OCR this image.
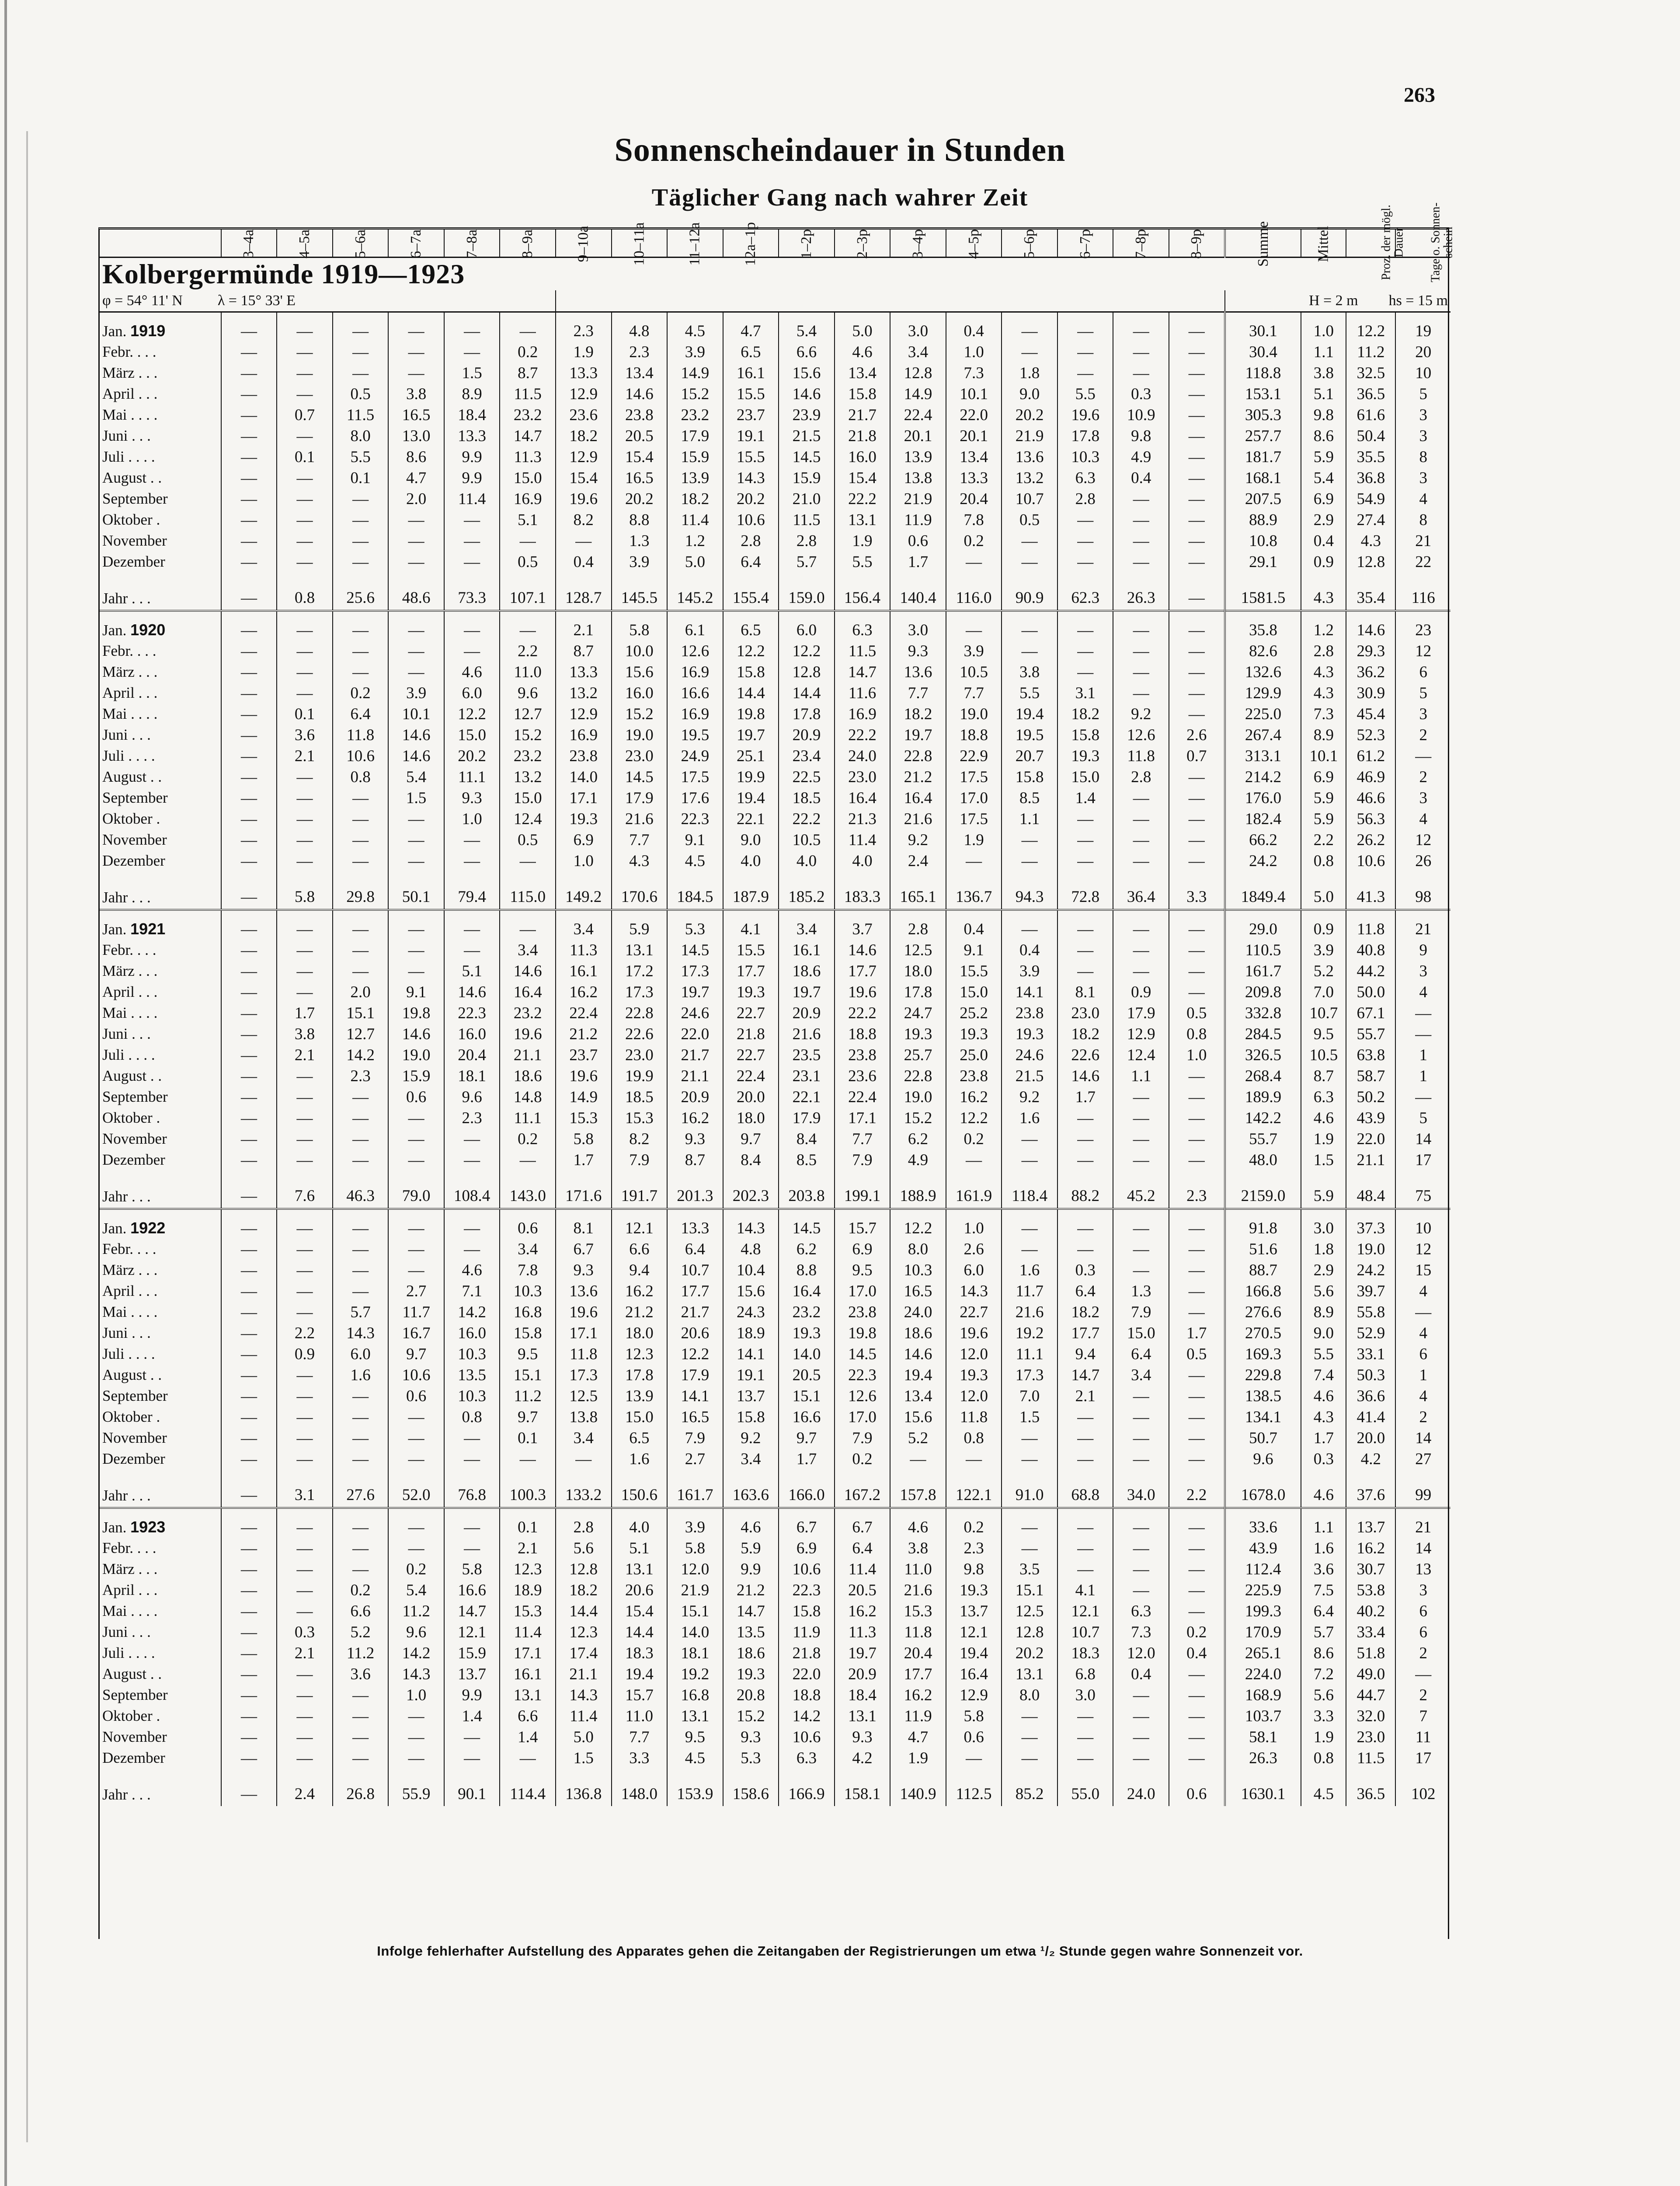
263
Sonnenscheindauer in Stunden
Täglicher Gang nach wahrer Zeit
	3–4a	4–5a	5–6a	6–7a	7–8a	8–9a	9–10a	10–11a	11–12a	12a–1p	1–2p	2–3p	3–4p	4–5p	5–6p	6–7p	7–8p	8–9p	Summe	Mittel	Proz. der mögl. Dauer	Tage o. Sonnen-schein
Kolbergermünde 1919—1923																						
φ = 54° 11' N λ = 15° 33' E																			H = 2 m hs = 15 m			
Jan. 1919	—	—	—	—	—	—	2.3	4.8	4.5	4.7	5.4	5.0	3.0	0.4	—	—	—	—	30.1	1.0	12.2	19
Febr. . . .	—	—	—	—	—	0.2	1.9	2.3	3.9	6.5	6.6	4.6	3.4	1.0	—	—	—	—	30.4	1.1	11.2	20
März . . .	—	—	—	—	1.5	8.7	13.3	13.4	14.9	16.1	15.6	13.4	12.8	7.3	1.8	—	—	—	118.8	3.8	32.5	10
April . . .	—	—	0.5	3.8	8.9	11.5	12.9	14.6	15.2	15.5	14.6	15.8	14.9	10.1	9.0	5.5	0.3	—	153.1	5.1	36.5	5
Mai . . . .	—	0.7	11.5	16.5	18.4	23.2	23.6	23.8	23.2	23.7	23.9	21.7	22.4	22.0	20.2	19.6	10.9	—	305.3	9.8	61.6	3
Juni . . .	—	—	8.0	13.0	13.3	14.7	18.2	20.5	17.9	19.1	21.5	21.8	20.1	20.1	21.9	17.8	9.8	—	257.7	8.6	50.4	3
Juli . . . .	—	0.1	5.5	8.6	9.9	11.3	12.9	15.4	15.9	15.5	14.5	16.0	13.9	13.4	13.6	10.3	4.9	—	181.7	5.9	35.5	8
August . .	—	—	0.1	4.7	9.9	15.0	15.4	16.5	13.9	14.3	15.9	15.4	13.8	13.3	13.2	6.3	0.4	—	168.1	5.4	36.8	3
September	—	—	—	2.0	11.4	16.9	19.6	20.2	18.2	20.2	21.0	22.2	21.9	20.4	10.7	2.8	—	—	207.5	6.9	54.9	4
Oktober .	—	—	—	—	—	5.1	8.2	8.8	11.4	10.6	11.5	13.1	11.9	7.8	0.5	—	—	—	88.9	2.9	27.4	8
November	—	—	—	—	—	—	—	1.3	1.2	2.8	2.8	1.9	0.6	0.2	—	—	—	—	10.8	0.4	4.3	21
Dezember	—	—	—	—	—	0.5	0.4	3.9	5.0	6.4	5.7	5.5	1.7	—	—	—	—	—	29.1	0.9	12.8	22
Jahr . . .	—	0.8	25.6	48.6	73.3	107.1	128.7	145.5	145.2	155.4	159.0	156.4	140.4	116.0	90.9	62.3	26.3	—	1581.5	4.3	35.4	116
Jan. 1920	—	—	—	—	—	—	2.1	5.8	6.1	6.5	6.0	6.3	3.0	—	—	—	—	—	35.8	1.2	14.6	23
Febr. . . .	—	—	—	—	—	2.2	8.7	10.0	12.6	12.2	12.2	11.5	9.3	3.9	—	—	—	—	82.6	2.8	29.3	12
März . . .	—	—	—	—	4.6	11.0	13.3	15.6	16.9	15.8	12.8	14.7	13.6	10.5	3.8	—	—	—	132.6	4.3	36.2	6
April . . .	—	—	0.2	3.9	6.0	9.6	13.2	16.0	16.6	14.4	14.4	11.6	7.7	7.7	5.5	3.1	—	—	129.9	4.3	30.9	5
Mai . . . .	—	0.1	6.4	10.1	12.2	12.7	12.9	15.2	16.9	19.8	17.8	16.9	18.2	19.0	19.4	18.2	9.2	—	225.0	7.3	45.4	3
Juni . . .	—	3.6	11.8	14.6	15.0	15.2	16.9	19.0	19.5	19.7	20.9	22.2	19.7	18.8	19.5	15.8	12.6	2.6	267.4	8.9	52.3	2
Juli . . . .	—	2.1	10.6	14.6	20.2	23.2	23.8	23.0	24.9	25.1	23.4	24.0	22.8	22.9	20.7	19.3	11.8	0.7	313.1	10.1	61.2	—
August . .	—	—	0.8	5.4	11.1	13.2	14.0	14.5	17.5	19.9	22.5	23.0	21.2	17.5	15.8	15.0	2.8	—	214.2	6.9	46.9	2
September	—	—	—	1.5	9.3	15.0	17.1	17.9	17.6	19.4	18.5	16.4	16.4	17.0	8.5	1.4	—	—	176.0	5.9	46.6	3
Oktober .	—	—	—	—	1.0	12.4	19.3	21.6	22.3	22.1	22.2	21.3	21.6	17.5	1.1	—	—	—	182.4	5.9	56.3	4
November	—	—	—	—	—	0.5	6.9	7.7	9.1	9.0	10.5	11.4	9.2	1.9	—	—	—	—	66.2	2.2	26.2	12
Dezember	—	—	—	—	—	—	1.0	4.3	4.5	4.0	4.0	4.0	2.4	—	—	—	—	—	24.2	0.8	10.6	26
Jahr . . .	—	5.8	29.8	50.1	79.4	115.0	149.2	170.6	184.5	187.9	185.2	183.3	165.1	136.7	94.3	72.8	36.4	3.3	1849.4	5.0	41.3	98
Jan. 1921	—	—	—	—	—	—	3.4	5.9	5.3	4.1	3.4	3.7	2.8	0.4	—	—	—	—	29.0	0.9	11.8	21
Febr. . . .	—	—	—	—	—	3.4	11.3	13.1	14.5	15.5	16.1	14.6	12.5	9.1	0.4	—	—	—	110.5	3.9	40.8	9
März . . .	—	—	—	—	5.1	14.6	16.1	17.2	17.3	17.7	18.6	17.7	18.0	15.5	3.9	—	—	—	161.7	5.2	44.2	3
April . . .	—	—	2.0	9.1	14.6	16.4	16.2	17.3	19.7	19.3	19.7	19.6	17.8	15.0	14.1	8.1	0.9	—	209.8	7.0	50.0	4
Mai . . . .	—	1.7	15.1	19.8	22.3	23.2	22.4	22.8	24.6	22.7	20.9	22.2	24.7	25.2	23.8	23.0	17.9	0.5	332.8	10.7	67.1	—
Juni . . .	—	3.8	12.7	14.6	16.0	19.6	21.2	22.6	22.0	21.8	21.6	18.8	19.3	19.3	19.3	18.2	12.9	0.8	284.5	9.5	55.7	—
Juli . . . .	—	2.1	14.2	19.0	20.4	21.1	23.7	23.0	21.7	22.7	23.5	23.8	25.7	25.0	24.6	22.6	12.4	1.0	326.5	10.5	63.8	1
August . .	—	—	2.3	15.9	18.1	18.6	19.6	19.9	21.1	22.4	23.1	23.6	22.8	23.8	21.5	14.6	1.1	—	268.4	8.7	58.7	1
September	—	—	—	0.6	9.6	14.8	14.9	18.5	20.9	20.0	22.1	22.4	19.0	16.2	9.2	1.7	—	—	189.9	6.3	50.2	—
Oktober .	—	—	—	—	2.3	11.1	15.3	15.3	16.2	18.0	17.9	17.1	15.2	12.2	1.6	—	—	—	142.2	4.6	43.9	5
November	—	—	—	—	—	0.2	5.8	8.2	9.3	9.7	8.4	7.7	6.2	0.2	—	—	—	—	55.7	1.9	22.0	14
Dezember	—	—	—	—	—	—	1.7	7.9	8.7	8.4	8.5	7.9	4.9	—	—	—	—	—	48.0	1.5	21.1	17
Jahr . . .	—	7.6	46.3	79.0	108.4	143.0	171.6	191.7	201.3	202.3	203.8	199.1	188.9	161.9	118.4	88.2	45.2	2.3	2159.0	5.9	48.4	75
Jan. 1922	—	—	—	—	—	0.6	8.1	12.1	13.3	14.3	14.5	15.7	12.2	1.0	—	—	—	—	91.8	3.0	37.3	10
Febr. . . .	—	—	—	—	—	3.4	6.7	6.6	6.4	4.8	6.2	6.9	8.0	2.6	—	—	—	—	51.6	1.8	19.0	12
März . . .	—	—	—	—	4.6	7.8	9.3	9.4	10.7	10.4	8.8	9.5	10.3	6.0	1.6	0.3	—	—	88.7	2.9	24.2	15
April . . .	—	—	—	2.7	7.1	10.3	13.6	16.2	17.7	15.6	16.4	17.0	16.5	14.3	11.7	6.4	1.3	—	166.8	5.6	39.7	4
Mai . . . .	—	—	5.7	11.7	14.2	16.8	19.6	21.2	21.7	24.3	23.2	23.8	24.0	22.7	21.6	18.2	7.9	—	276.6	8.9	55.8	—
Juni . . .	—	2.2	14.3	16.7	16.0	15.8	17.1	18.0	20.6	18.9	19.3	19.8	18.6	19.6	19.2	17.7	15.0	1.7	270.5	9.0	52.9	4
Juli . . . .	—	0.9	6.0	9.7	10.3	9.5	11.8	12.3	12.2	14.1	14.0	14.5	14.6	12.0	11.1	9.4	6.4	0.5	169.3	5.5	33.1	6
August . .	—	—	1.6	10.6	13.5	15.1	17.3	17.8	17.9	19.1	20.5	22.3	19.4	19.3	17.3	14.7	3.4	—	229.8	7.4	50.3	1
September	—	—	—	0.6	10.3	11.2	12.5	13.9	14.1	13.7	15.1	12.6	13.4	12.0	7.0	2.1	—	—	138.5	4.6	36.6	4
Oktober .	—	—	—	—	0.8	9.7	13.8	15.0	16.5	15.8	16.6	17.0	15.6	11.8	1.5	—	—	—	134.1	4.3	41.4	2
November	—	—	—	—	—	0.1	3.4	6.5	7.9	9.2	9.7	7.9	5.2	0.8	—	—	—	—	50.7	1.7	20.0	14
Dezember	—	—	—	—	—	—	—	1.6	2.7	3.4	1.7	0.2	—	—	—	—	—	—	9.6	0.3	4.2	27
Jahr . . .	—	3.1	27.6	52.0	76.8	100.3	133.2	150.6	161.7	163.6	166.0	167.2	157.8	122.1	91.0	68.8	34.0	2.2	1678.0	4.6	37.6	99
Jan. 1923	—	—	—	—	—	0.1	2.8	4.0	3.9	4.6	6.7	6.7	4.6	0.2	—	—	—	—	33.6	1.1	13.7	21
Febr. . . .	—	—	—	—	—	2.1	5.6	5.1	5.8	5.9	6.9	6.4	3.8	2.3	—	—	—	—	43.9	1.6	16.2	14
März . . .	—	—	—	0.2	5.8	12.3	12.8	13.1	12.0	9.9	10.6	11.4	11.0	9.8	3.5	—	—	—	112.4	3.6	30.7	13
April . . .	—	—	0.2	5.4	16.6	18.9	18.2	20.6	21.9	21.2	22.3	20.5	21.6	19.3	15.1	4.1	—	—	225.9	7.5	53.8	3
Mai . . . .	—	—	6.6	11.2	14.7	15.3	14.4	15.4	15.1	14.7	15.8	16.2	15.3	13.7	12.5	12.1	6.3	—	199.3	6.4	40.2	6
Juni . . .	—	0.3	5.2	9.6	12.1	11.4	12.3	14.4	14.0	13.5	11.9	11.3	11.8	12.1	12.8	10.7	7.3	0.2	170.9	5.7	33.4	6
Juli . . . .	—	2.1	11.2	14.2	15.9	17.1	17.4	18.3	18.1	18.6	21.8	19.7	20.4	19.4	20.2	18.3	12.0	0.4	265.1	8.6	51.8	2
August . .	—	—	3.6	14.3	13.7	16.1	21.1	19.4	19.2	19.3	22.0	20.9	17.7	16.4	13.1	6.8	0.4	—	224.0	7.2	49.0	—
September	—	—	—	1.0	9.9	13.1	14.3	15.7	16.8	20.8	18.8	18.4	16.2	12.9	8.0	3.0	—	—	168.9	5.6	44.7	2
Oktober .	—	—	—	—	1.4	6.6	11.4	11.0	13.1	15.2	14.2	13.1	11.9	5.8	—	—	—	—	103.7	3.3	32.0	7
November	—	—	—	—	—	1.4	5.0	7.7	9.5	9.3	10.6	9.3	4.7	0.6	—	—	—	—	58.1	1.9	23.0	11
Dezember	—	—	—	—	—	—	1.5	3.3	4.5	5.3	6.3	4.2	1.9	—	—	—	—	—	26.3	0.8	11.5	17
Jahr . . .	—	2.4	26.8	55.9	90.1	114.4	136.8	148.0	153.9	158.6	166.9	158.1	140.9	112.5	85.2	55.0	24.0	0.6	1630.1	4.5	36.5	102
Infolge fehlerhafter Aufstellung des Apparates gehen die Zeitangaben der Registrierungen um etwa ¹/₂ Stunde gegen wahre Sonnenzeit vor.
